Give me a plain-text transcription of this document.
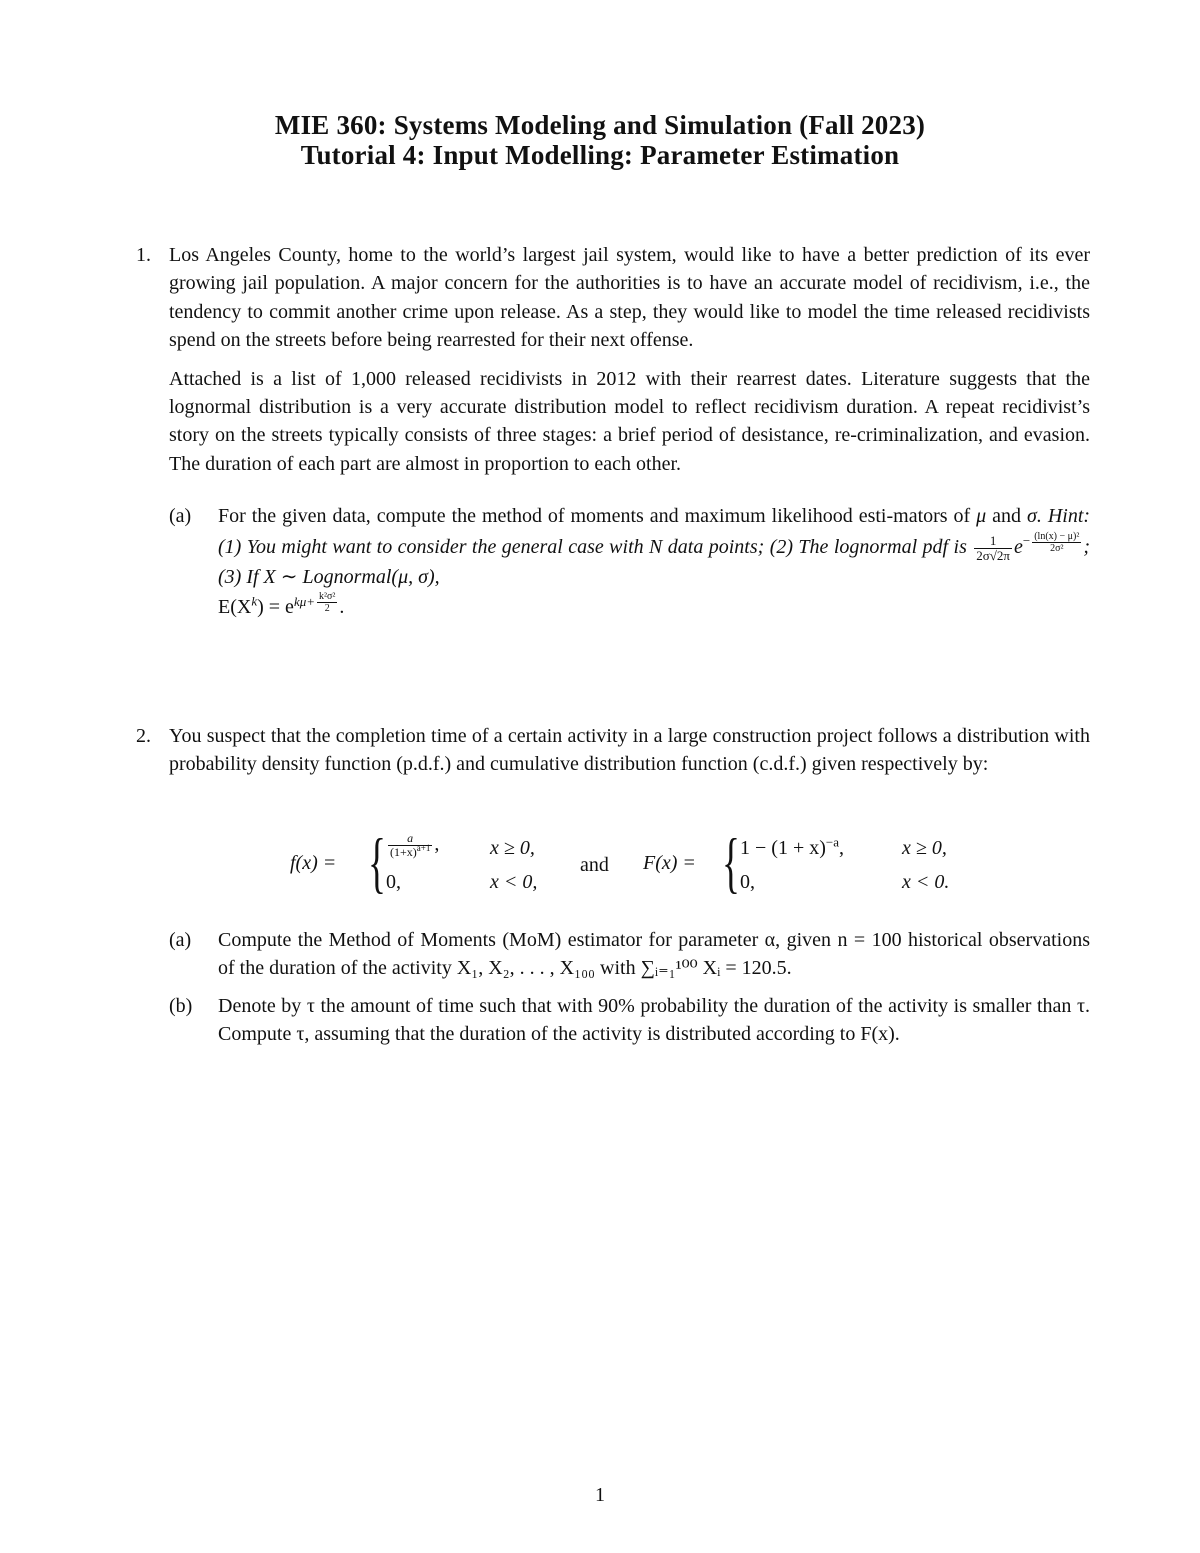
MIE 360: Systems Modeling and Simulation (Fall 2023)
Tutorial 4: Input Modelling: Parameter Estimation
1. Los Angeles County, home to the world’s largest jail system, would like to have a better prediction of its ever growing jail population. A major concern for the authorities is to have an accurate model of recidivism, i.e., the tendency to commit another crime upon release. As a step, they would like to model the time released recidivists spend on the streets before being rearrested for their next offense.

Attached is a list of 1,000 released recidivists in 2012 with their rearrest dates. Literature suggests that the lognormal distribution is a very accurate distribution model to reflect recidivism duration. A repeat recidivist’s story on the streets typically consists of three stages: a brief period of desistance, re-criminalization, and evasion. The duration of each part are almost in proportion to each other.

(a) For the given data, compute the method of moments and maximum likelihood esti-mators of μ and σ. Hint: (1) You might want to consider the general case with N data points; (2) The lognormal pdf is $\frac{1}{2\sigma√2\pi} e^{- \frac{\text{(ln(x) − μ)²}}{\text{2σ²}}}$ ; (3) If X ∼ Lognormal(μ, σ),
$E(X^k) = e^{k\mu+ \frac{\text{k²σ²}}{2}}$ .
2. You suspect that the completion time of a certain activity in a large construction project follows a distribution with probability density function (p.d.f.) and cumulative distribution function (c.d.f.) given respectively by:

f(x) = { $\frac{a}{(1+x)^{a+1}}$ ,	x ≥ 0,
0,	x < 0,
and F(x) = { $1 - (1 + x)^{-a}$,	x ≥ 0,
0,	x < 0.
(a) Compute the Method of Moments (MoM) estimator for parameter α, given n = 100 historical observations of the duration of the activity X₁, X₂, . . . , X₁₀₀ with ∑ᵢ₌₁¹⁰⁰ Xᵢ = 120.5.
(b) Denote by τ the amount of time such that with 90% probability the duration of the activity is smaller than τ. Compute τ, assuming that the duration of the activity is distributed according to F(x).
1
